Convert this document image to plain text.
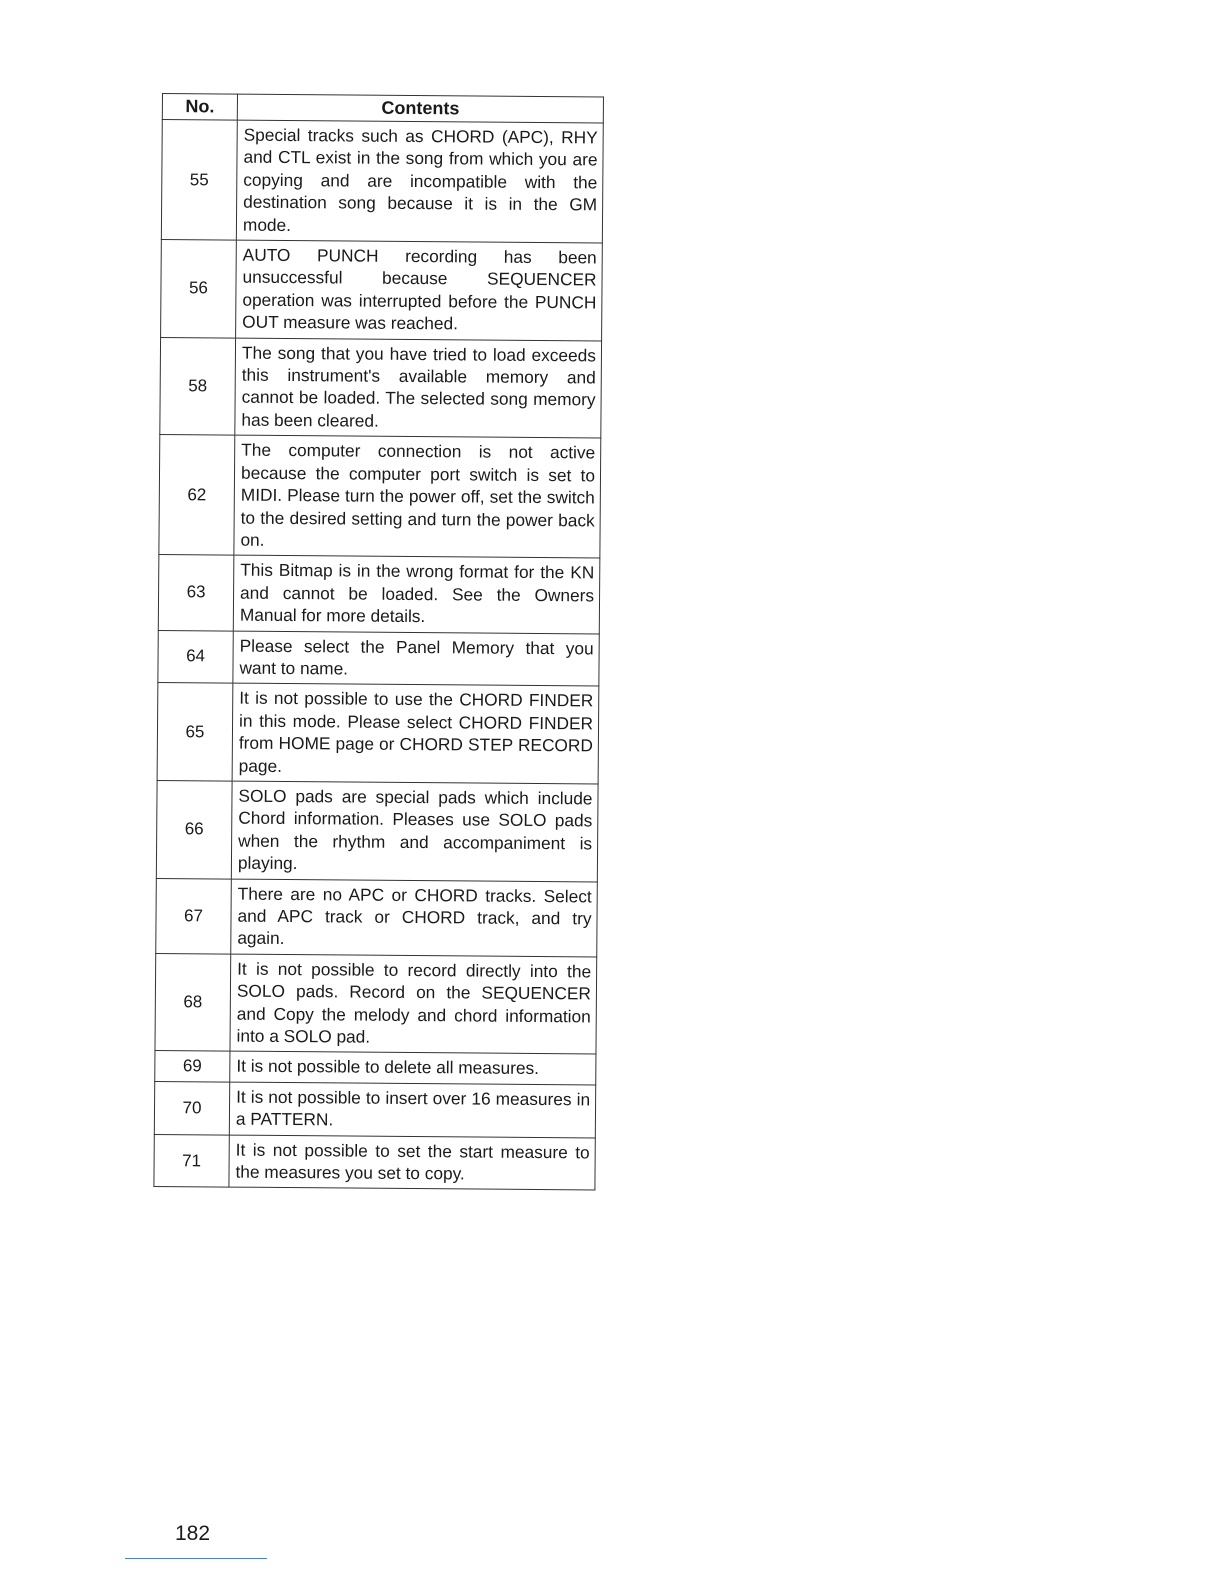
No.	Contents
55	Special tracks such as CHORD (APC), RHY and CTL exist in the song from which you are copying and are incompatible with the destination song because it is in the GM mode.
56	AUTO PUNCH recording has been unsuccessful because SEQUENCER operation was interrupted before the PUNCH OUT measure was reached.
58	The song that you have tried to load exceeds this instrument's available memory and cannot be loaded. The selected song memory has been cleared.
62	The computer connection is not active because the computer port switch is set to MIDI. Please turn the power off, set the switch to the desired setting and turn the power back on.
63	This Bitmap is in the wrong format for the KN and cannot be loaded. See the Owners Manual for more details.
64	Please select the Panel Memory that you want to name.
65	It is not possible to use the CHORD FINDER in this mode. Please select CHORD FINDER from HOME page or CHORD STEP RECORD page.
66	SOLO pads are special pads which include Chord information. Pleases use SOLO pads when the rhythm and accompaniment is playing.
67	There are no APC or CHORD tracks. Select and APC track or CHORD track, and try again.
68	It is not possible to record directly into the SOLO pads. Record on the SEQUENCER and Copy the melody and chord information into a SOLO pad.
69	It is not possible to delete all measures.
70	It is not possible to insert over 16 measures in a PATTERN.
71	It is not possible to set the start measure to the measures you set to copy.
182
